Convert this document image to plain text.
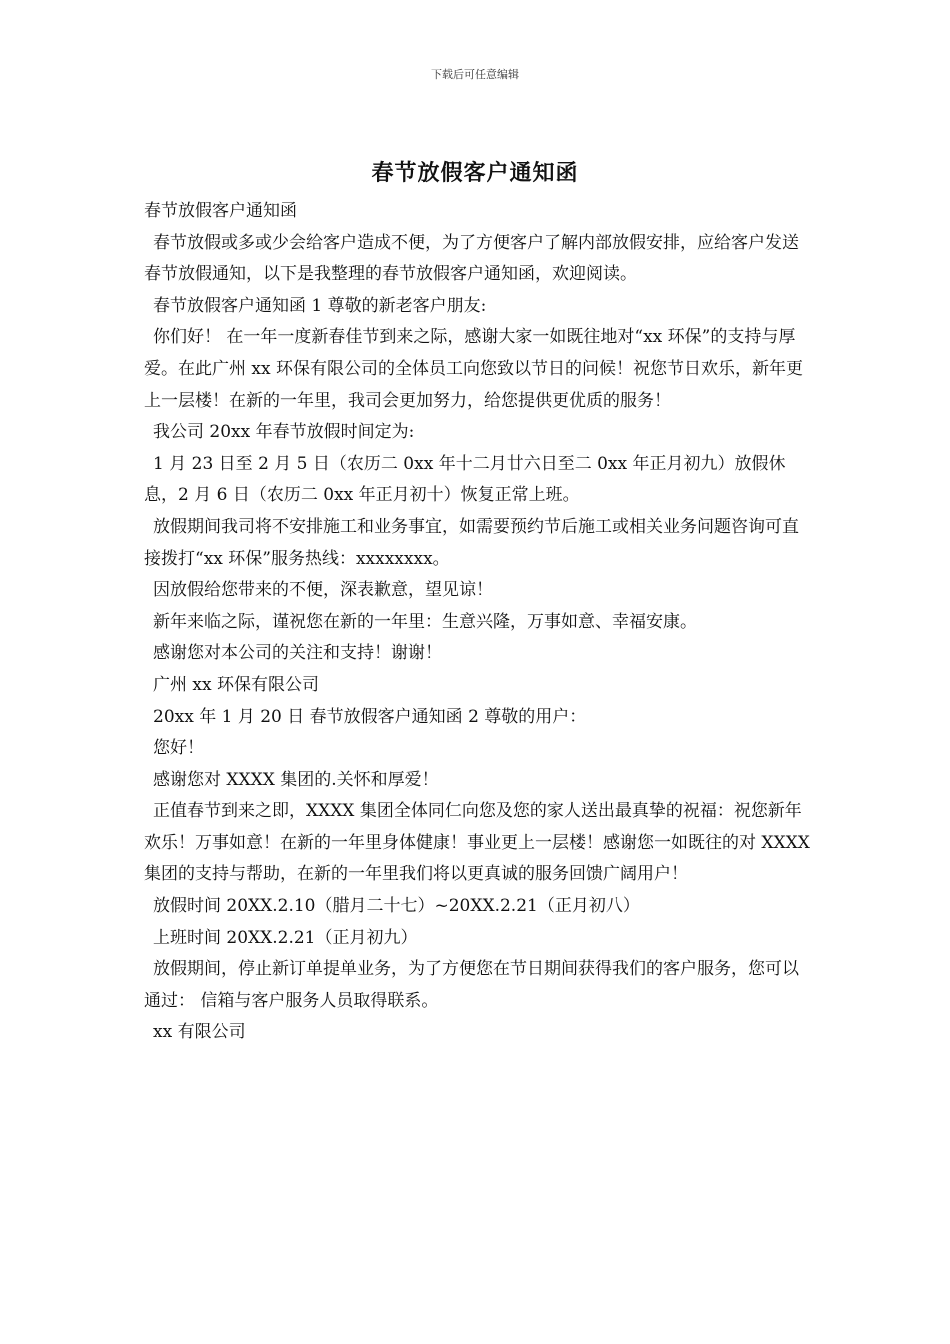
下载后可任意编辑
春节放假客户通知函

春节放假客户通知函

春节放假或多或少会给客户造成不便，为了方便客户了解内部放假安排，应给客户发送春节放假通知，以下是我整理的春节放假客户通知函，欢迎阅读。

春节放假客户通知函 1 尊敬的新老客户朋友:

你们好！ 在一年一度新春佳节到来之际，感谢大家一如既往地对“xx 环保”的支持与厚爱。在此广州 xx 环保有限公司的全体员工向您致以节日的问候！祝您节日欢乐，新年更上一层楼！在新的一年里，我司会更加努力，给您提供更优质的服务！

我公司 20xx 年春节放假时间定为:

1 月 23 日至 2 月 5 日（农历二 0xx 年十二月廿六日至二 0xx 年正月初九）放假休息，2 月 6 日（农历二 0xx 年正月初十）恢复正常上班。

放假期间我司将不安排施工和业务事宜，如需要预约节后施工或相关业务问题咨询可直接拨打“xx 环保”服务热线：xxxxxxxx。

因放假给您带来的不便，深表歉意，望见谅！

新年来临之际，谨祝您在新的一年里：生意兴隆，万事如意、幸福安康。

感谢您对本公司的关注和支持！谢谢！

广州 xx 环保有限公司

20xx 年 1 月 20 日 春节放假客户通知函 2 尊敬的用户：

您好！

感谢您对 XXXX 集团的.关怀和厚爱！

正值春节到来之即，XXXX 集团全体同仁向您及您的家人送出最真挚的祝福：祝您新年欢乐！万事如意！在新的一年里身体健康！事业更上一层楼！感谢您一如既往的对 XXXX 集团的支持与帮助，在新的一年里我们将以更真诚的服务回馈广阔用户！

放假时间 20XX.2.10（腊月二十七）~20XX.2.21（正月初八）

上班时间 20XX.2.21（正月初九）

放假期间，停止新订单提单业务，为了方便您在节日期间获得我们的客户服务，您可以通过： 信箱与客户服务人员取得联系。

xx 有限公司
